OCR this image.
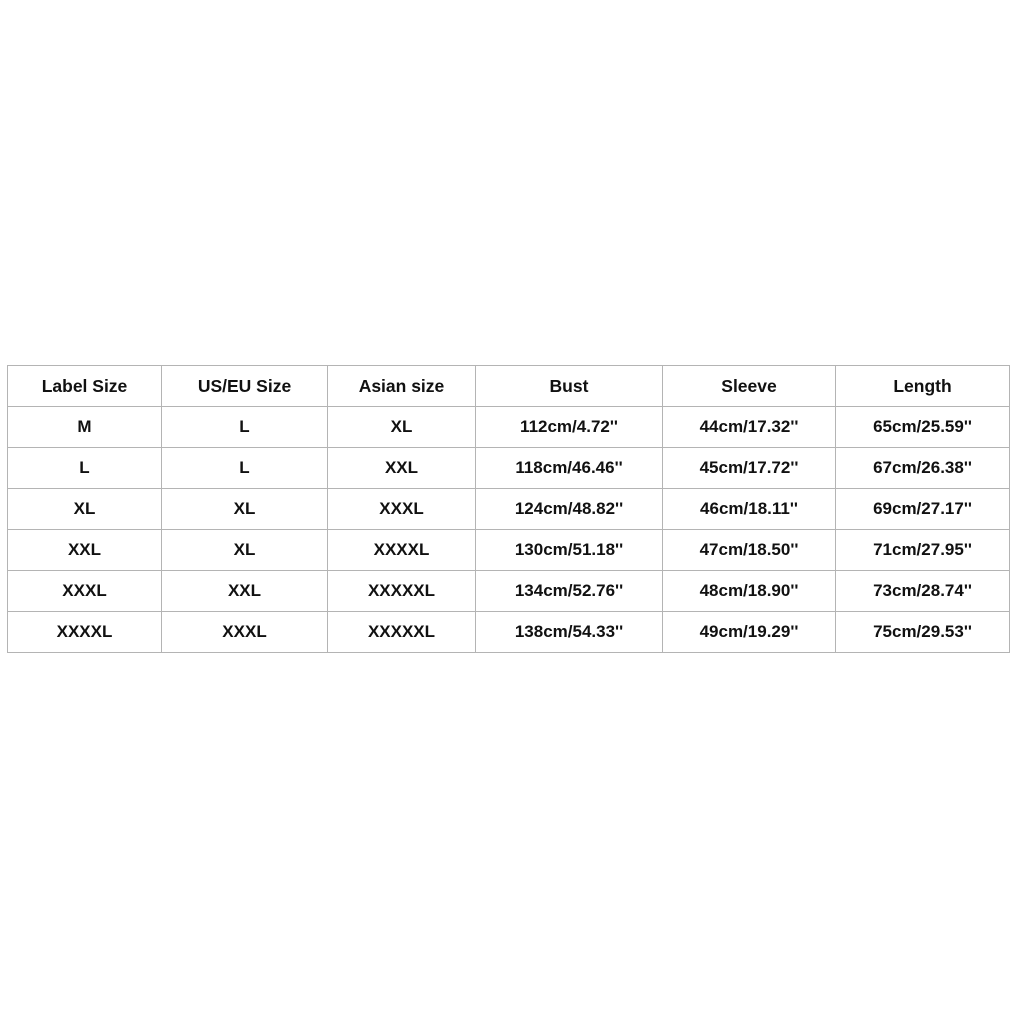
Label Size	US/EU Size	Asian size	Bust	Sleeve	Length
M	L	XL	112cm/4.72''	44cm/17.32''	65cm/25.59''
L	L	XXL	118cm/46.46''	45cm/17.72''	67cm/26.38''
XL	XL	XXXL	124cm/48.82''	46cm/18.11''	69cm/27.17''
XXL	XL	XXXXL	130cm/51.18''	47cm/18.50''	71cm/27.95''
XXXL	XXL	XXXXXL	134cm/52.76''	48cm/18.90''	73cm/28.74''
XXXXL	XXXL	XXXXXL	138cm/54.33''	49cm/19.29''	75cm/29.53''
